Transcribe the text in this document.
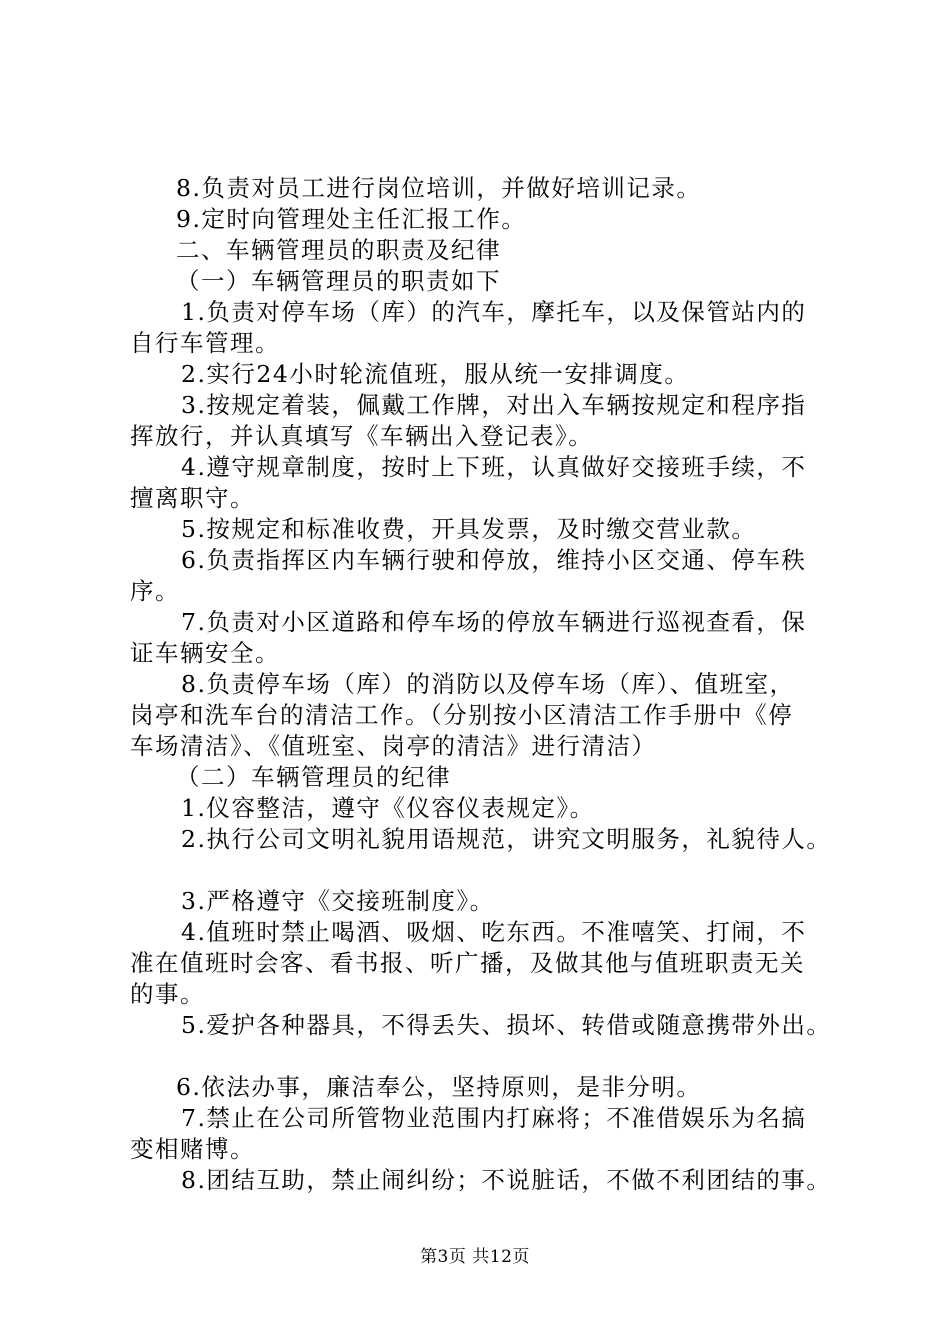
8.负责对员工进行岗位培训，并做好培训记录。
9.定时向管理处主任汇报工作。
二、车辆管理员的职责及纪律
（一）车辆管理员的职责如下
1.负责对停车场（库）的汽车，摩托车，以及保管站内的
自行车管理。
2.实行24小时轮流值班，服从统一安排调度。
3.按规定着装，佩戴工作牌，对出入车辆按规定和程序指
挥放行，并认真填写《车辆出入登记表》。
4.遵守规章制度，按时上下班，认真做好交接班手续，不
擅离职守。
5.按规定和标准收费，开具发票，及时缴交营业款。
6.负责指挥区内车辆行驶和停放，维持小区交通、停车秩
序。
7.负责对小区道路和停车场的停放车辆进行巡视查看，保
证车辆安全。
8.负责停车场（库）的消防以及停车场（库）、值班室，
岗亭和洗车台的清洁工作。（分别按小区清洁工作手册中《停
车场清洁》、《值班室、岗亭的清洁》进行清洁）
（二）车辆管理员的纪律
1.仪容整洁，遵守《仪容仪表规定》。
2.执行公司文明礼貌用语规范，讲究文明服务，礼貌待人。
3.严格遵守《交接班制度》。
4.值班时禁止喝酒、吸烟、吃东西。不准嘻笑、打闹，不
准在值班时会客、看书报、听广播，及做其他与值班职责无关
的事。
5.爱护各种器具，不得丢失、损坏、转借或随意携带外出。
6.依法办事，廉洁奉公，坚持原则，是非分明。
7.禁止在公司所管物业范围内打麻将；不准借娱乐为名搞
变相赌博。
8.团结互助，禁止闹纠纷；不说脏话，不做不利团结的事。
第3页 共12页
